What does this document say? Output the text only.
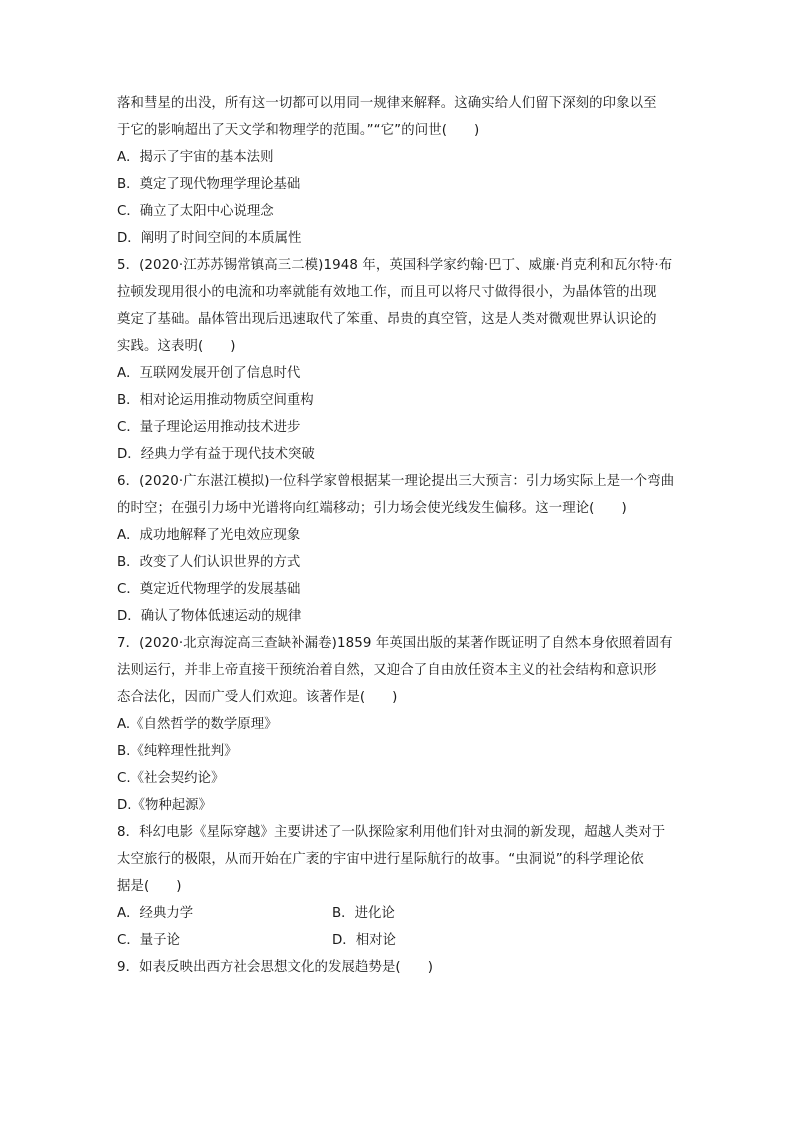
落和彗星的出没，所有这一切都可以用同一规律来解释。这确实给人们留下深刻的印象以至
于它的影响超出了天文学和物理学的范围。”“它”的问世(　　)
A．揭示了宇宙的基本法则
B．奠定了现代物理学理论基础
C．确立了太阳中心说理念
D．阐明了时间空间的本质属性
5．(2020·江苏苏锡常镇高三二模)1948 年，英国科学家约翰·巴丁、威廉·肖克利和瓦尔特·布
拉顿发现用很小的电流和功率就能有效地工作，而且可以将尺寸做得很小，为晶体管的出现
奠定了基础。晶体管出现后迅速取代了笨重、昂贵的真空管，这是人类对微观世界认识论的
实践。这表明(　　)
A．互联网发展开创了信息时代
B．相对论运用推动物质空间重构
C．量子理论运用推动技术进步
D．经典力学有益于现代技术突破
6．(2020·广东湛江模拟)一位科学家曾根据某一理论提出三大预言：引力场实际上是一个弯曲
的时空；在强引力场中光谱将向红端移动；引力场会使光线发生偏移。这一理论(　　)
A．成功地解释了光电效应现象
B．改变了人们认识世界的方式
C．奠定近代物理学的发展基础
D．确认了物体低速运动的规律
7．(2020·北京海淀高三查缺补漏卷)1859 年英国出版的某著作既证明了自然本身依照着固有
法则运行，并非上帝直接干预统治着自然，又迎合了自由放任资本主义的社会结构和意识形
态合法化，因而广受人们欢迎。该著作是(　　)
A.《自然哲学的数学原理》
B.《纯粹理性批判》
C.《社会契约论》
D.《物种起源》
8．科幻电影《星际穿越》主要讲述了一队探险家利用他们针对虫洞的新发现，超越人类对于
太空旅行的极限，从而开始在广袤的宇宙中进行星际航行的故事。“虫洞说”的科学理论依
据是(　　)
A．经典力学	B．进化论
C．量子论	D．相对论
9．如表反映出西方社会思想文化的发展趋势是(　　)
